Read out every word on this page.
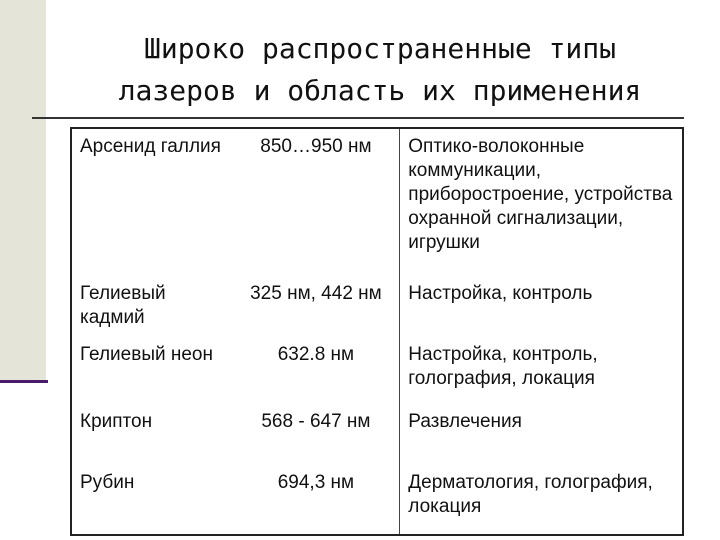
Широко распространенные типы
лазеров и область их применения
Арсенид галлия	850…950 нм	Оптико-волоконные коммуникации, приборостроение, устройства охранной сигнализации, игрушки
Гелиевый кадмий	325 нм, 442 нм	Настройка, контроль
Гелиевый неон	632.8 нм	Настройка, контроль, голография, локация
Криптон	568 - 647 нм	Развлечения
Рубин	694,3 нм	Дерматология, голография, локация
